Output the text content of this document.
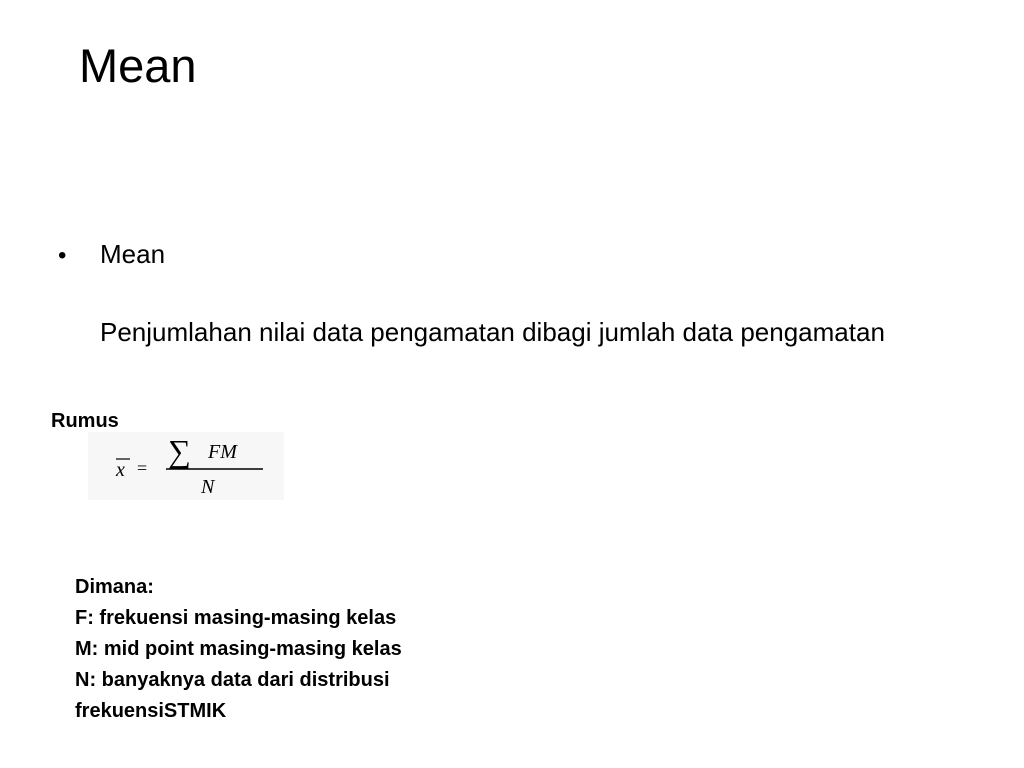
Mean
•	Mean
Penjumlahan nilai data pengamatan dibagi jumlah data pengamatan
Rumus
x = ∑ FM
N
Dimana:
F: frekuensi masing-masing kelas
M: mid point masing-masing kelas
N: banyaknya data dari distribusi
frekuensiSTMIK
